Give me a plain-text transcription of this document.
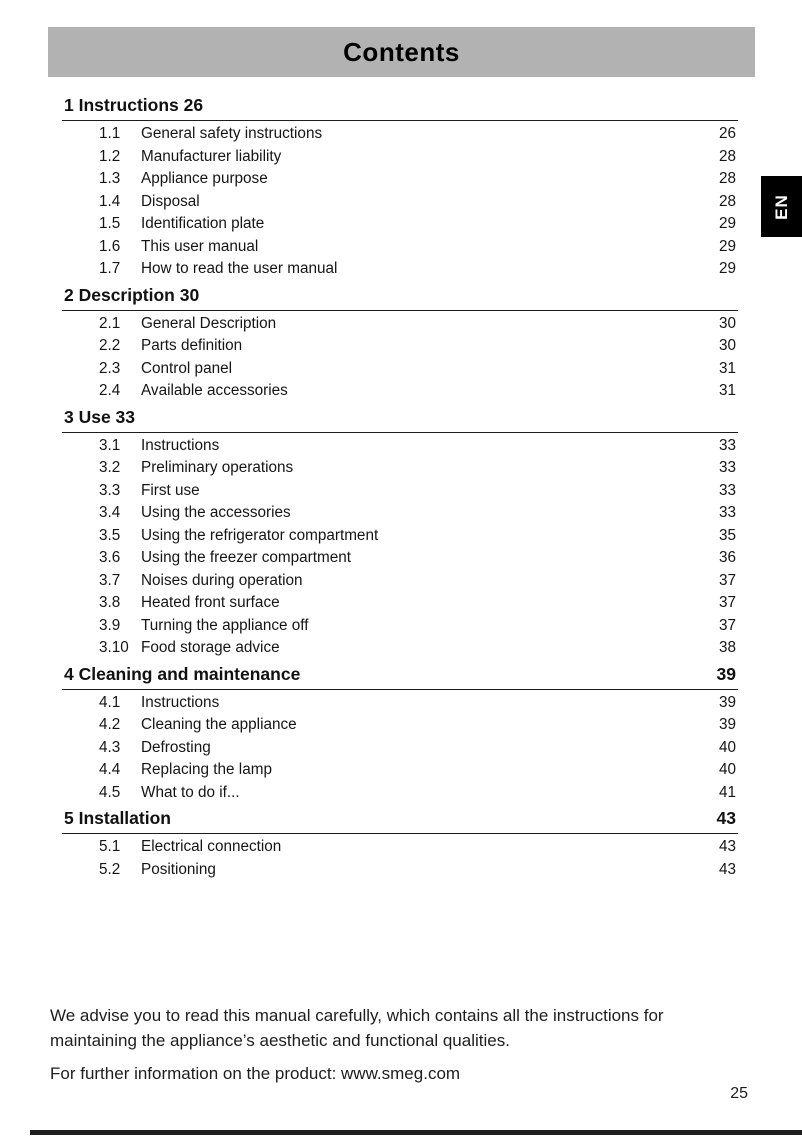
Contents
EN
1 Instructions 26
1.1	General safety instructions	26
1.2	Manufacturer liability	28
1.3	Appliance purpose	28
1.4	Disposal	28
1.5	Identification plate	29
1.6	This user manual	29
1.7	How to read the user manual	29
2 Description 30
2.1	General Description	30
2.2	Parts definition	30
2.3	Control panel	31
2.4	Available accessories	31
3 Use 33
3.1	Instructions	33
3.2	Preliminary operations	33
3.3	First use	33
3.4	Using the accessories	33
3.5	Using the refrigerator compartment	35
3.6	Using the freezer compartment	36
3.7	Noises during operation	37
3.8	Heated front surface	37
3.9	Turning the appliance off	37
3.10 Food storage advice	38
4 Cleaning and maintenance	39
4.1	Instructions	39
4.2	Cleaning the appliance	39
4.3	Defrosting	40
4.4	Replacing the lamp	40
4.5	What to do if...	41
5 Installation	43
5.1	Electrical connection	43
5.2	Positioning	43

We advise you to read this manual carefully, which contains all the instructions for maintaining the appliance’s aesthetic and functional qualities.

For further information on the product: www.smeg.com

25
